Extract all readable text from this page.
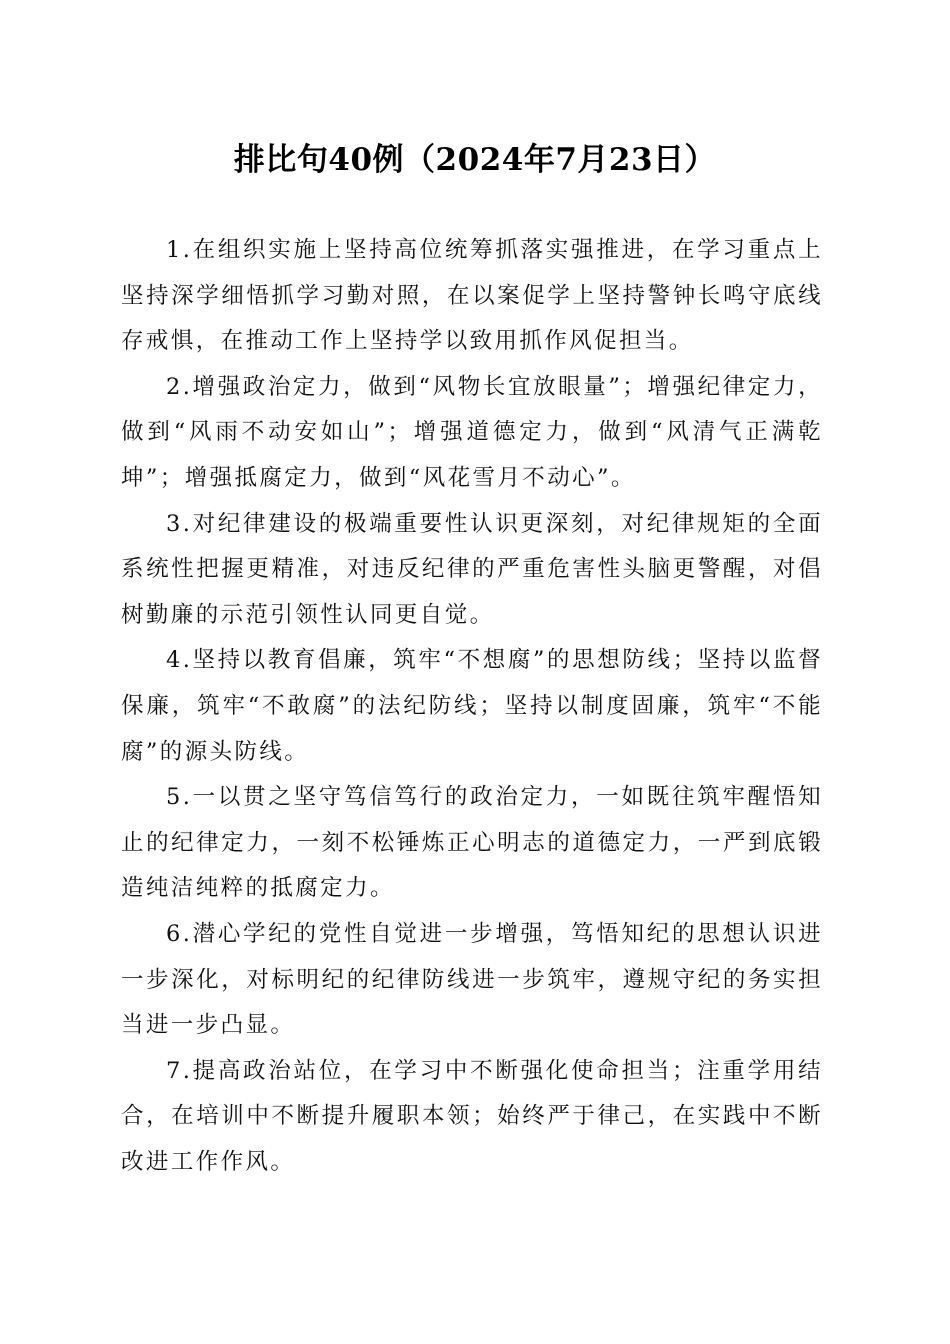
排比句40例（2024年7月23日）

1.在组织实施上坚持高位统筹抓落实强推进，在学习重点上坚持深学细悟抓学习勤对照，在以案促学上坚持警钟长鸣守底线存戒惧，在推动工作上坚持学以致用抓作风促担当。

2.增强政治定力，做到“风物长宜放眼量”；增强纪律定力，做到“风雨不动安如山”；增强道德定力，做到“风清气正满乾坤”；增强抵腐定力，做到“风花雪月不动心”。

3.对纪律建设的极端重要性认识更深刻，对纪律规矩的全面系统性把握更精准，对违反纪律的严重危害性头脑更警醒，对倡树勤廉的示范引领性认同更自觉。

4.坚持以教育倡廉，筑牢“不想腐”的思想防线；坚持以监督保廉，筑牢“不敢腐”的法纪防线；坚持以制度固廉，筑牢“不能腐”的源头防线。

5.一以贯之坚守笃信笃行的政治定力，一如既往筑牢醒悟知止的纪律定力，一刻不松锤炼正心明志的道德定力，一严到底锻造纯洁纯粹的抵腐定力。

6.潜心学纪的党性自觉进一步增强，笃悟知纪的思想认识进一步深化，对标明纪的纪律防线进一步筑牢，遵规守纪的务实担当进一步凸显。

7.提高政治站位，在学习中不断强化使命担当；注重学用结合，在培训中不断提升履职本领；始终严于律己，在实践中不断改进工作作风。
